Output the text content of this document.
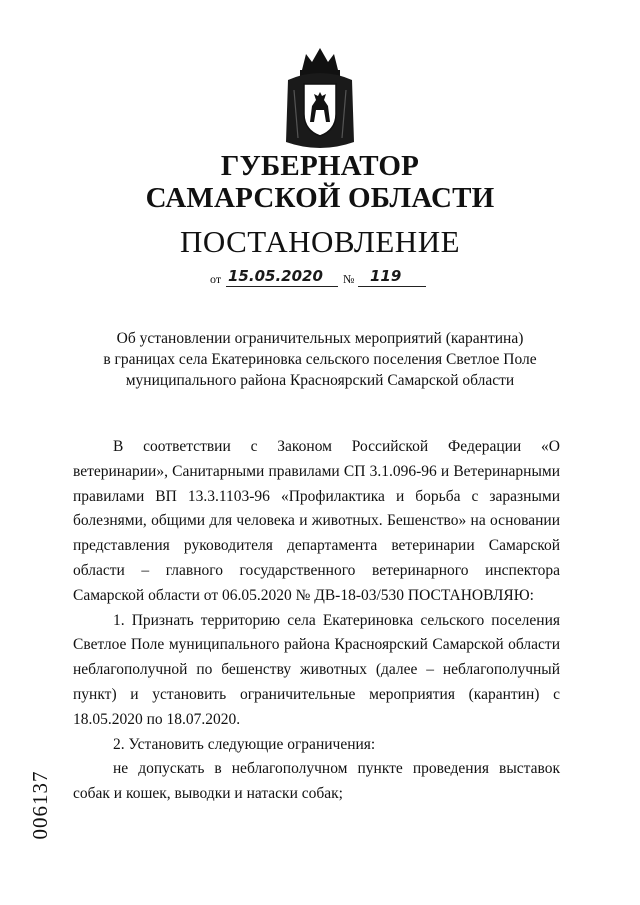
ГУБЕРНАТОР
САМАРСКОЙ ОБЛАСТИ
ПОСТАНОВЛЕНИЕ
от 15.05.2020 № 119
Об установлении ограничительных мероприятий (карантина)
в границах села Екатериновка сельского поселения Светлое Поле
муниципального района Красноярский Самарской области

В соответствии с Законом Российской Федерации «О ветеринарии», Санитарными правилами СП 3.1.096-96 и Ветеринарными правилами ВП 13.3.1103-96 «Профилактика и борьба с заразными болезнями, общими для человека и животных. Бешенство» на основании представления руководителя департамента ветеринарии Самарской области – главного государственного ветеринарного инспектора Самарской области от 06.05.2020 № ДВ-18-03/530 ПОСТАНОВЛЯЮ:

1. Признать территорию села Екатериновка сельского поселения Светлое Поле муниципального района Красноярский Самарской области неблагополучной по бешенству животных (далее – неблагополучный пункт) и установить ограничительные мероприятия (карантин) с 18.05.2020 по 18.07.2020.

2. Установить следующие ограничения:

не допускать в неблагополучном пункте проведения выставок собак и кошек, выводки и натаски собак;

006137
